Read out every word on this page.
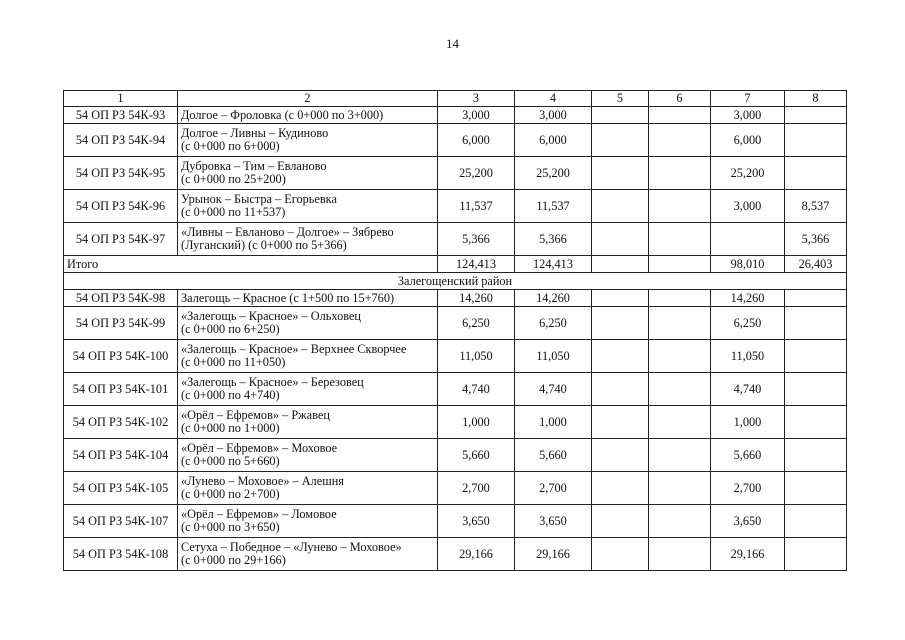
14
1	2	3	4	5	6	7	8
54 ОП РЗ 54К-93	Долгое – Фроловка (с 0+000 по 3+000)	3,000	3,000			3,000	
54 ОП РЗ 54К-94	Долгое – Ливны – Кудиново
(с 0+000 по 6+000)	6,000	6,000			6,000	
54 ОП РЗ 54К-95	Дубровка – Тим – Евланово
(с 0+000 по 25+200)	25,200	25,200			25,200	
54 ОП РЗ 54К-96	Урынок – Быстра – Егорьевка
(с 0+000 по 11+537)	11,537	11,537			3,000	8,537
54 ОП РЗ 54К-97	«Ливны – Евланово – Долгое» – Зябрево
(Луганский) (с 0+000 по 5+366)	5,366	5,366				5,366
Итого		124,413	124,413			98,010	26,403
Залегощенский район							
54 ОП РЗ 54К-98	Залегощь – Красное (с 1+500 по 15+760)	14,260	14,260			14,260	
54 ОП РЗ 54К-99	«Залегощь – Красное» – Ольховец
(с 0+000 по 6+250)	6,250	6,250			6,250	
54 ОП РЗ 54К-100	«Залегощь – Красное» – Верхнее Скворчее
(с 0+000 по 11+050)	11,050	11,050			11,050	
54 ОП РЗ 54К-101	«Залегощь – Красное» – Березовец
(с 0+000 по 4+740)	4,740	4,740			4,740	
54 ОП РЗ 54К-102	«Орёл – Ефремов» – Ржавец
(с 0+000 по 1+000)	1,000	1,000			1,000	
54 ОП РЗ 54К-104	«Орёл – Ефремов» – Моховое
(с 0+000 по 5+660)	5,660	5,660			5,660	
54 ОП РЗ 54К-105	«Лунево – Моховое» – Алешня
(с 0+000 по 2+700)	2,700	2,700			2,700	
54 ОП РЗ 54К-107	«Орёл – Ефремов» – Ломовое
(с 0+000 по 3+650)	3,650	3,650			3,650	
54 ОП РЗ 54К-108	Сетуха – Победное – «Лунево – Моховое»
(с 0+000 по 29+166)	29,166	29,166			29,166	
